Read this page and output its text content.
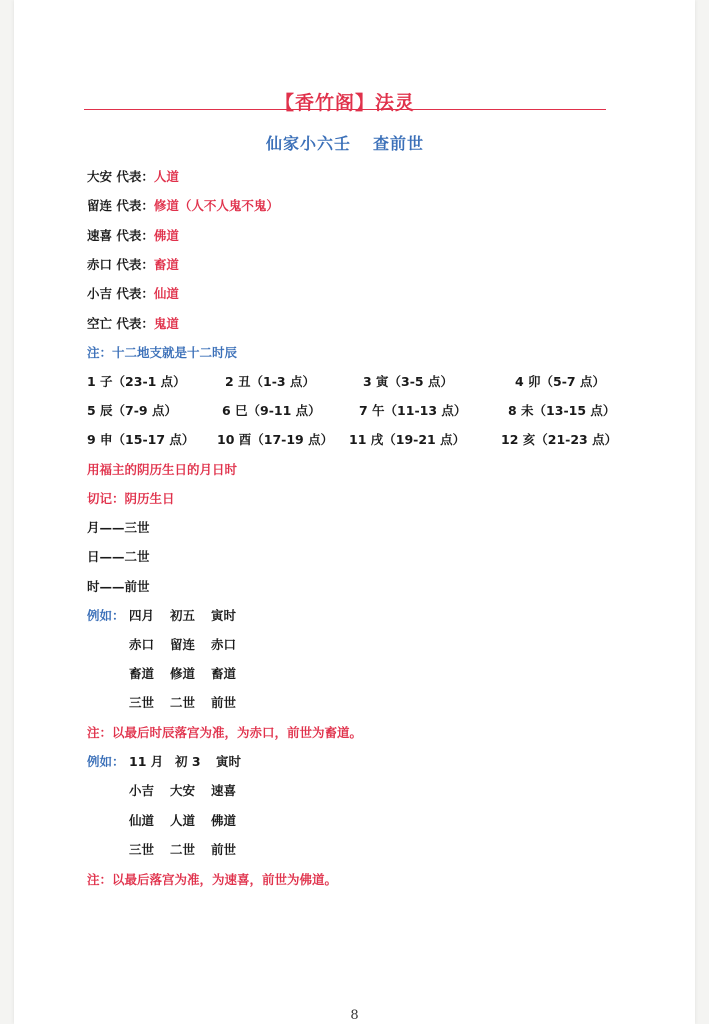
【香竹阁】法灵
仙家小六壬 查前世
大安 代表：人道
留连 代表：修道（人不人鬼不鬼）
速喜 代表：佛道
赤口 代表：畜道
小吉 代表：仙道
空亡 代表：鬼道
注：十二地支就是十二时辰
1 子（23-1 点）	2 丑（1-3 点）	3 寅（3-5 点）	4 卯（5-7 点）
5 辰（7-9 点）	6 巳（9-11 点）	7 午（11-13 点）	8 未（13-15 点）
9 申（15-17 点） 10 酉（17-19 点） 11 戌（19-21 点）	12 亥（21-23 点）
用福主的阴历生日的月日时
切记：阴历生日
月——三世
日——二世
时——前世
例如： 四月 初五 寅时
赤口 留连 赤口
畜道 修道 畜道
三世 二世 前世
注：以最后时辰落宫为准，为赤口，前世为畜道。
例如： 11 月 初 3 寅时
小吉 大安 速喜
仙道 人道 佛道
三世 二世 前世
注：以最后落宫为准，为速喜，前世为佛道。
8
